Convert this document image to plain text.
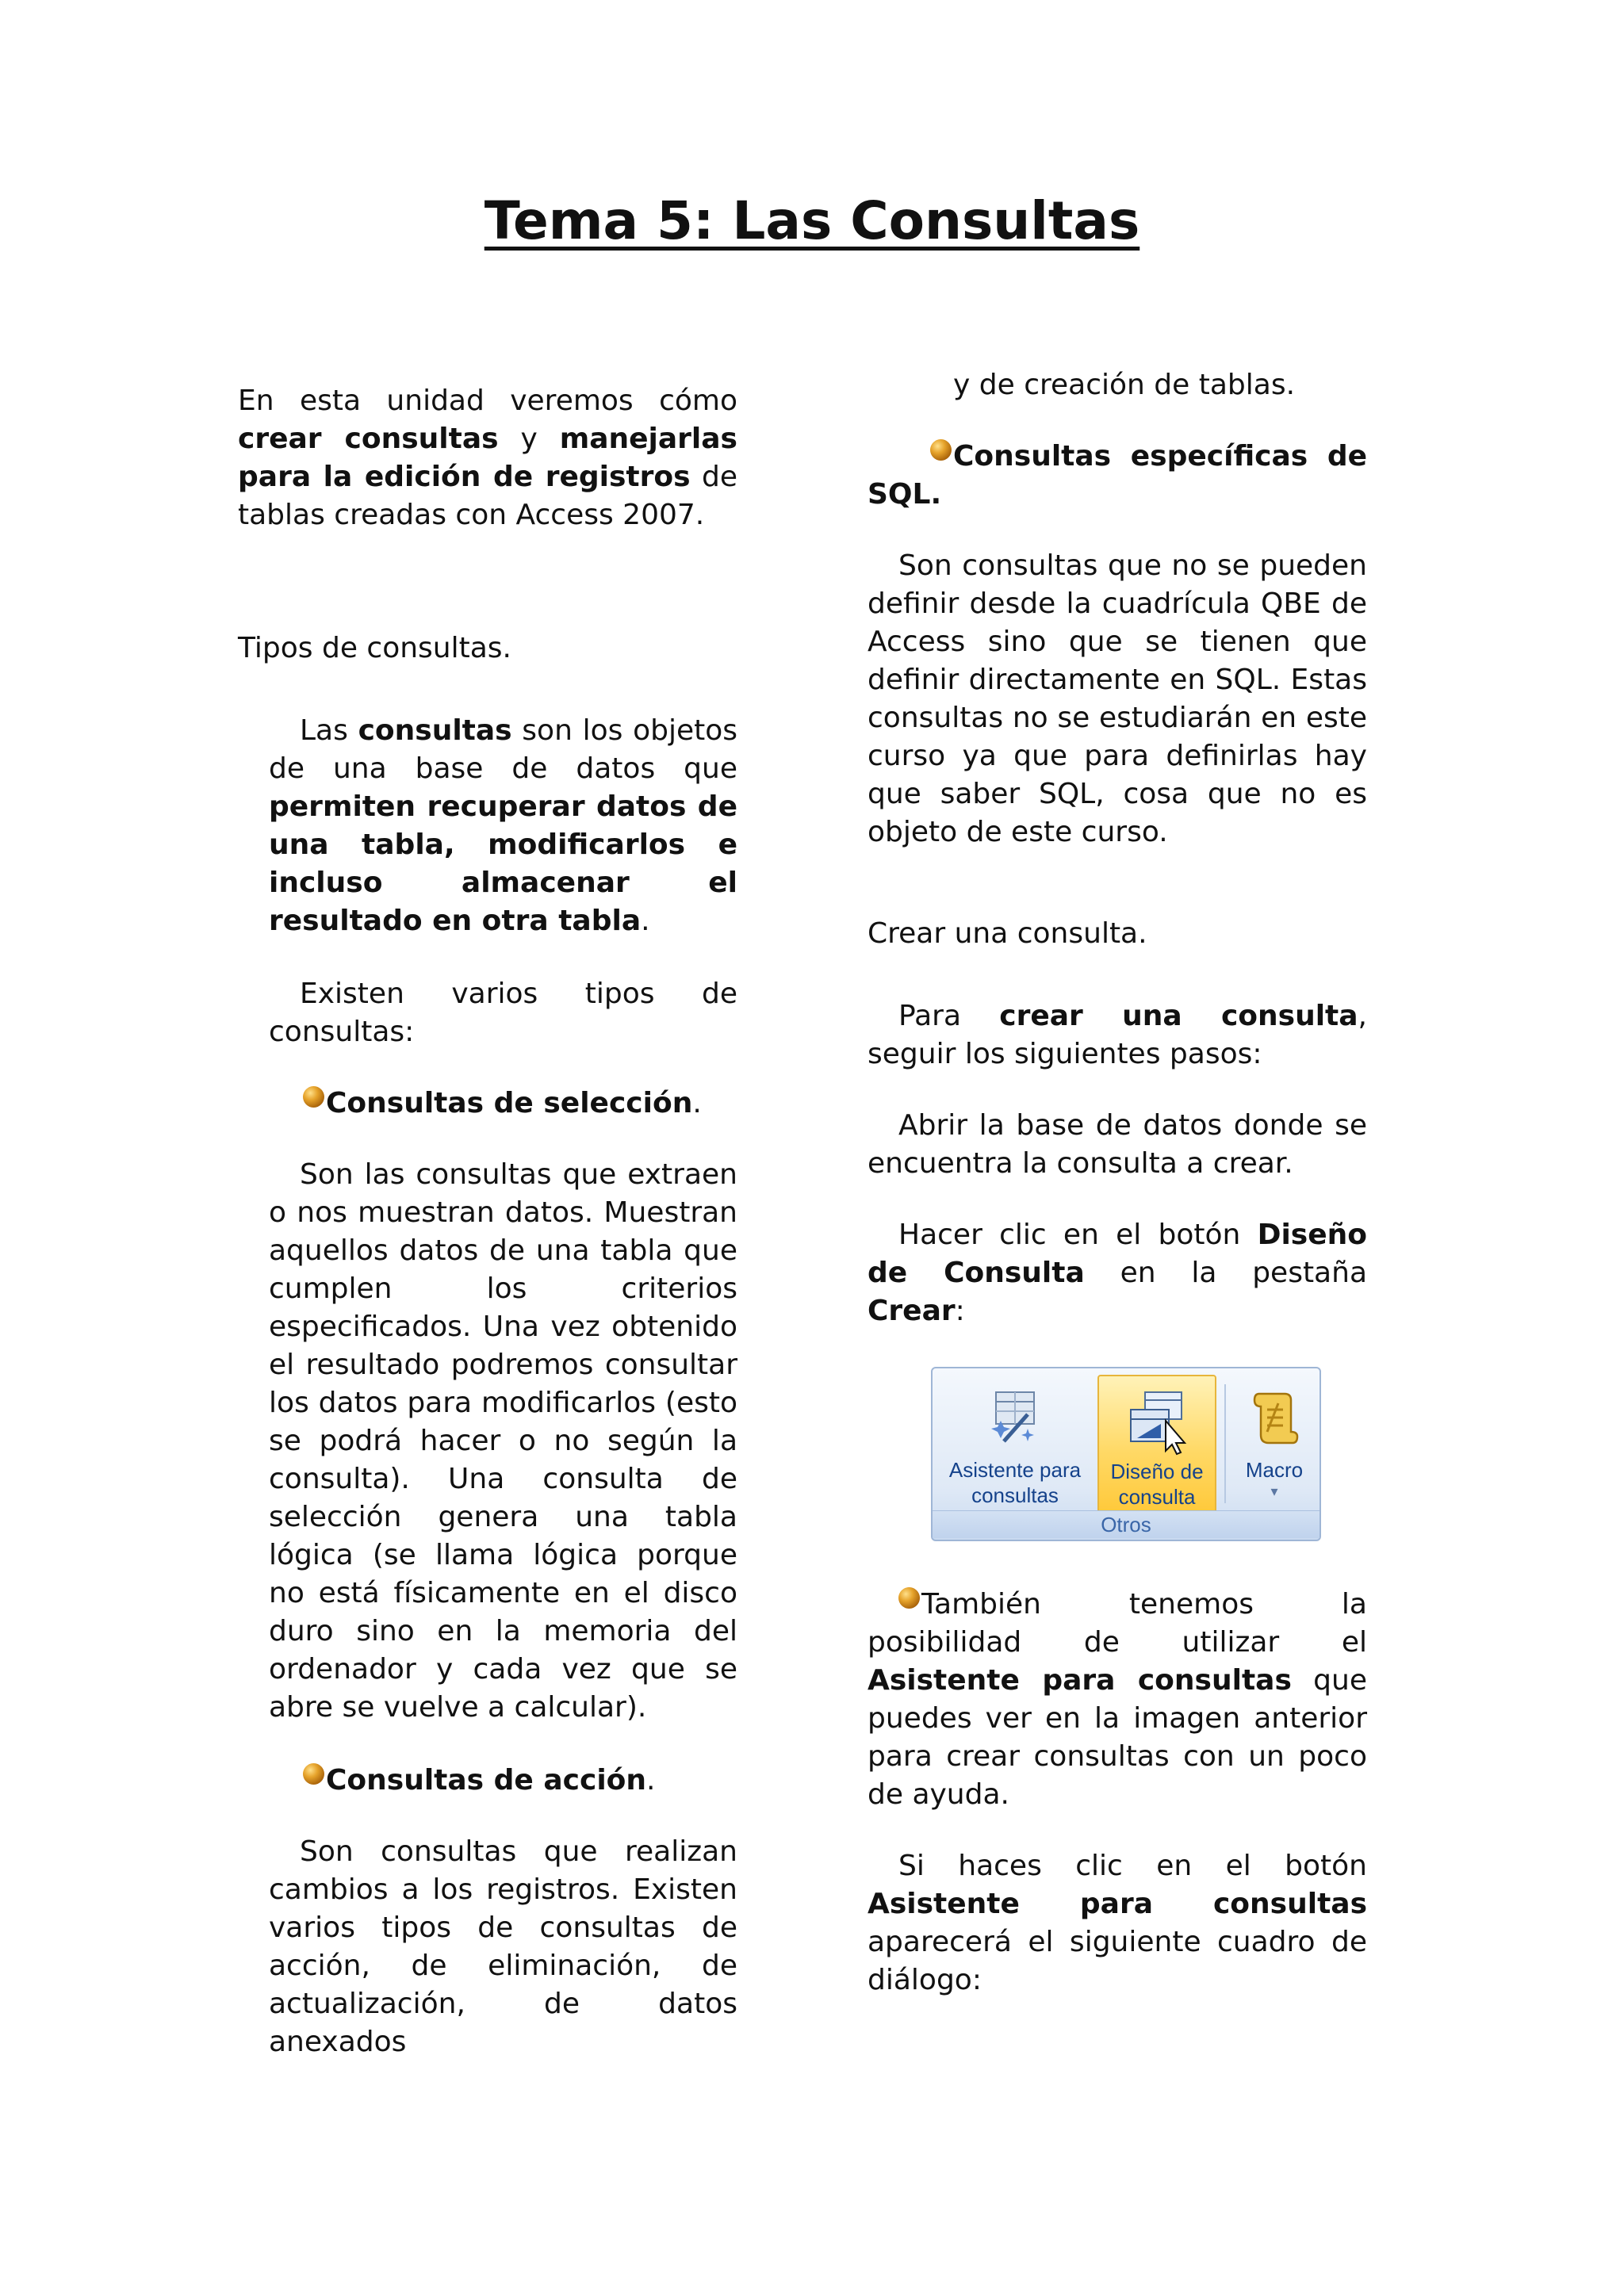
Tema 5: Las Consultas

En esta unidad veremos cómo crear consultas y manejarlas para la edición de registros de tablas creadas con Access 2007.

Tipos de consultas.

Las consultas son los objetos de una base de datos que permiten recuperar datos de una tabla, modificarlos e incluso almacenar el resultado en otra tabla.

Existen varios tipos de consultas:

Consultas de selección.

Son las consultas que extraen o nos muestran datos. Muestran aquellos datos de una tabla que cumplen los criterios especificados. Una vez obtenido el resultado podremos consultar los datos para modificarlos (esto se podrá hacer o no según la consulta). Una consulta de selección genera una tabla lógica (se llama lógica porque no está físicamente en el disco duro sino en la memoria del ordenador y cada vez que se abre se vuelve a calcular).

Consultas de acción.

Son consultas que realizan cambios a los registros. Existen varios tipos de consultas de acción, de eliminación, de actualización, de datos anexados

y de creación de tablas.

Consultas específicas de SQL.

Son consultas que no se pueden definir desde la cuadrícula QBE de Access sino que se tienen que definir directamente en SQL. Estas consultas no se estudiarán en este curso ya que para definirlas hay que saber SQL, cosa que no es objeto de este curso.

Crear una consulta.

Para crear una consulta, seguir los siguientes pasos:

Abrir la base de datos donde se encuentra la consulta a crear.

Hacer clic en el botón Diseño de Consulta en la pestaña Crear:

Asistente para
consultas
Diseño de
consulta
Macro
▾
Otros

También tenemos la posibilidad de utilizar el Asistente para consultas que puedes ver en la imagen anterior para crear consultas con un poco de ayuda.

Si haces clic en el botón Asistente para consultas aparecerá el siguiente cuadro de diálogo:
